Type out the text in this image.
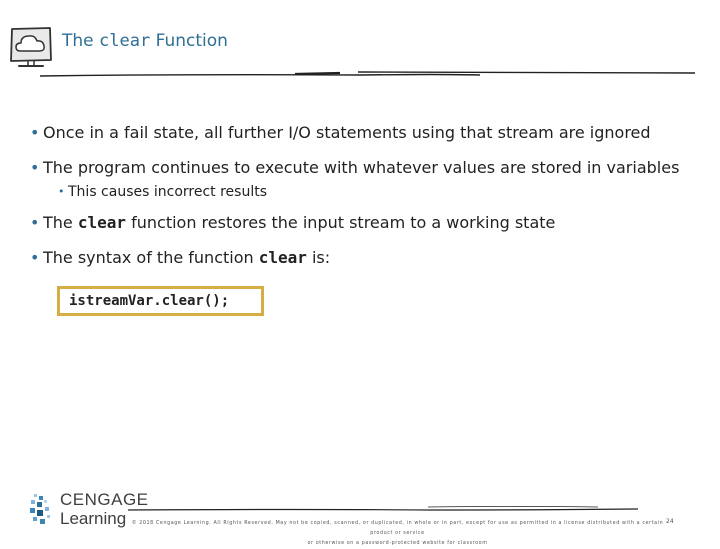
The clear Function
• Once in a fail state, all further I/O statements using that stream are ignored
• The program continues to execute with whatever values are stored in variables
• This causes incorrect results
• The clear function restores the input stream to a working state
• The syntax of the function clear is:
istreamVar.clear();
CENGAGE
Learning	© 2018 Cengage Learning. All Rights Reserved. May not be copied, scanned, or duplicated, in whole or in part, except for use as permitted in a license distributed with a certain product or service
or otherwise on a password-protected website for classroom
24
